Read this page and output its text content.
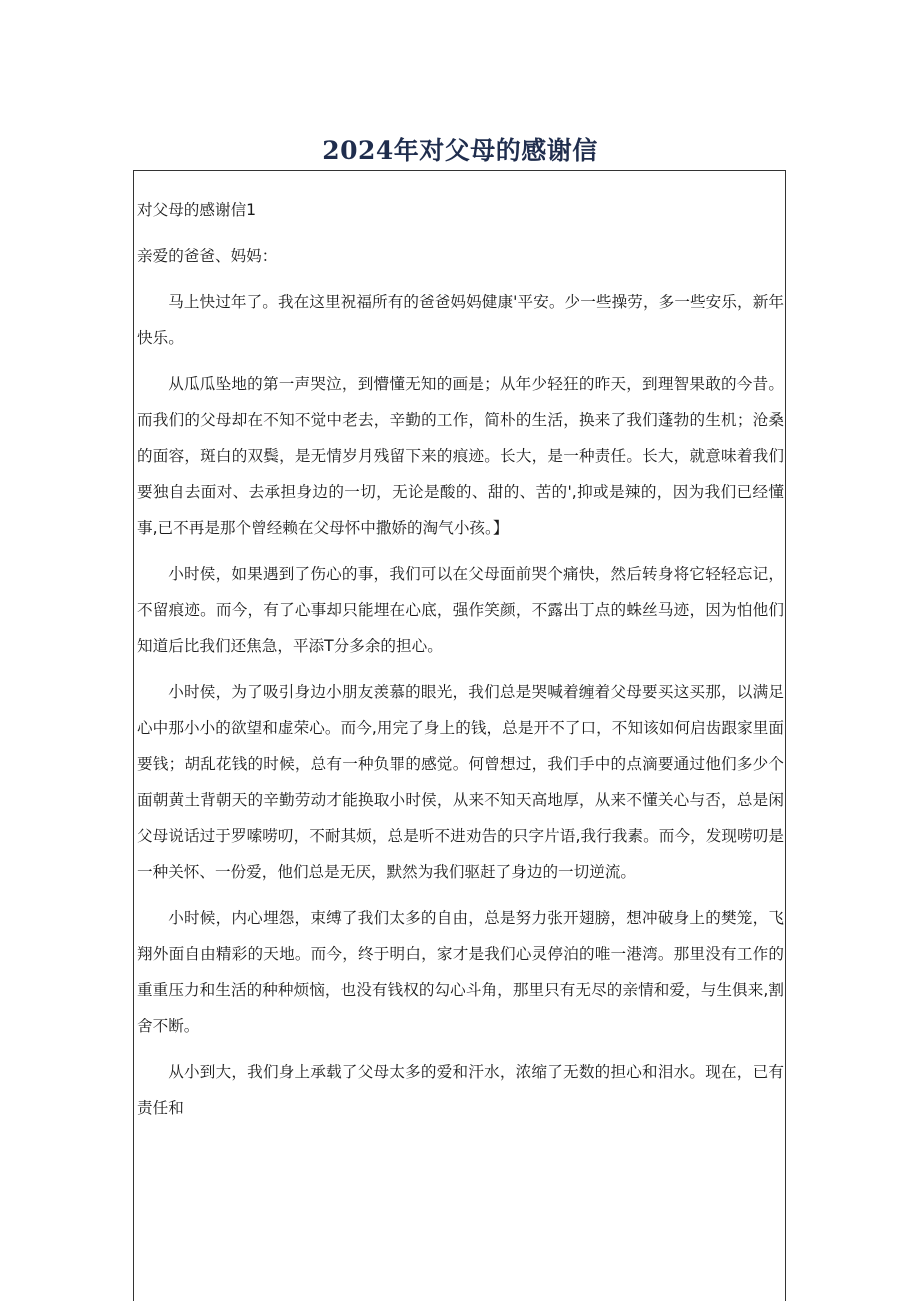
2024年对父母的感谢信

对父母的感谢信1

亲爱的爸爸、妈妈：

马上快过年了。我在这里祝福所有的爸爸妈妈健康'平安。少一些操劳，多一些安乐，新年快乐。

从瓜瓜坠地的第一声哭泣，到懵懂无知的画是；从年少轻狂的昨天，到理智果敢的今昔。而我们的父母却在不知不觉中老去，辛勤的工作，简朴的生活，换来了我们蓬勃的生机；沧桑的面容，斑白的双鬓，是无情岁月残留下来的痕迹。长大，是一种责任。长大，就意味着我们要独自去面对、去承担身边的一切，无论是酸的、甜的、苦的',抑或是辣的，因为我们已经懂事,已不再是那个曾经赖在父母怀中撒娇的淘气小孩。】

小时侯，如果遇到了伤心的事，我们可以在父母面前哭个痛快，然后转身将它轻轻忘记，不留痕迹。而今，有了心事却只能埋在心底，强作笑颜，不露出丁点的蛛丝马迹，因为怕他们知道后比我们还焦急，平添T分多余的担心。

小时侯，为了吸引身边小朋友羡慕的眼光，我们总是哭喊着缠着父母要买这买那，以满足心中那小小的欲望和虚荣心。而今,用完了身上的钱，总是开不了口，不知该如何启齿跟家里面要钱；胡乱花钱的时候，总有一种负罪的感觉。何曾想过，我们手中的点滴要通过他们多少个面朝黄土背朝天的辛勤劳动才能换取小时侯，从来不知天高地厚，从来不懂关心与否，总是闲父母说话过于罗嗦唠叨，不耐其烦，总是听不进劝告的只字片语,我行我素。而今，发现唠叨是一种关怀、一份爱，他们总是无厌，默然为我们驱赶了身边的一切逆流。

小时候，内心埋怨，束缚了我们太多的自由，总是努力张开翅膀，想冲破身上的樊笼，飞翔外面自由精彩的天地。而今，终于明白，家才是我们心灵停泊的唯一港湾。那里没有工作的重重压力和生活的种种烦恼，也没有钱权的勾心斗角，那里只有无尽的亲情和爱，与生俱来,割舍不断。

从小到大，我们身上承载了父母太多的爱和汗水，浓缩了无数的担心和泪水。现在，已有责任和
